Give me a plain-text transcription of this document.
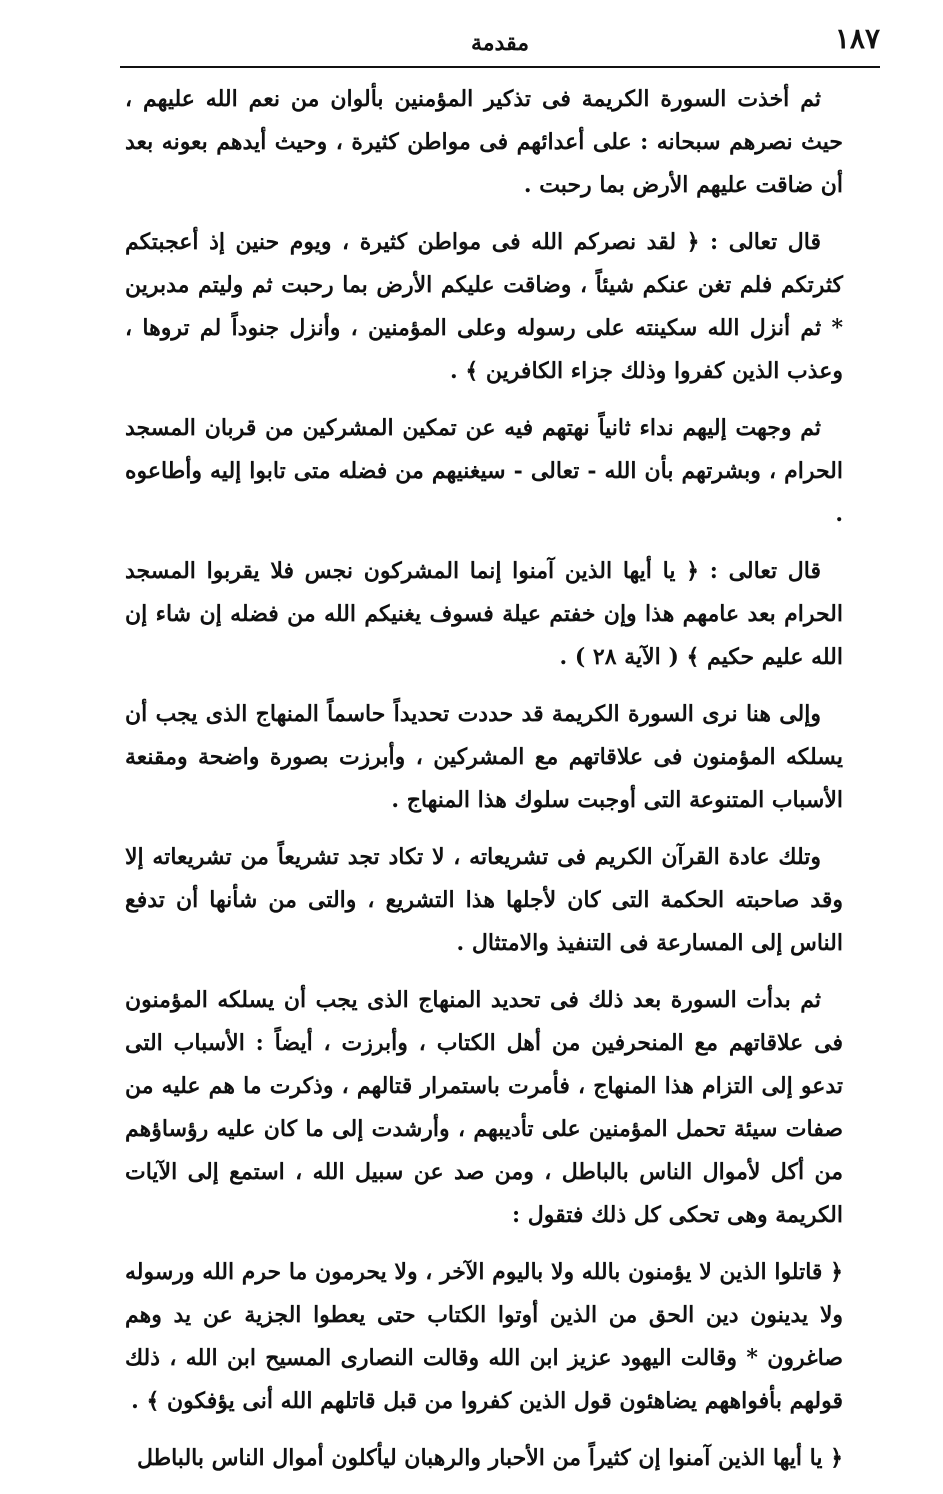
١٨٧
مقدمة

ثم أخذت السورة الكريمة فى تذكير المؤمنين بألوان من نعم الله عليهم ، حيث نصرهم سبحانه : على أعدائهم فى مواطن كثيرة ، وحيث أيدهم بعونه بعد أن ضاقت عليهم الأرض بما رحبت .

قال تعالى : ﴿ لقد نصركم الله فى مواطن كثيرة ، ويوم حنين إذ أعجبتكم كثرتكم فلم تغن عنكم شيئاً ، وضاقت عليكم الأرض بما رحبت ثم وليتم مدبرين * ثم أنزل الله سكينته على رسوله وعلى المؤمنين ، وأنزل جنوداً لم تروها ، وعذب الذين كفروا وذلك جزاء الكافرين ﴾ .

ثم وجهت إليهم نداء ثانياً نهتهم فيه عن تمكين المشركين من قربان المسجد الحرام ، وبشرتهم بأن الله - تعالى - سيغنيهم من فضله متى تابوا إليه وأطاعوه .

قال تعالى : ﴿ يا أيها الذين آمنوا إنما المشركون نجس فلا يقربوا المسجد الحرام بعد عامهم هذا وإن خفتم عيلة فسوف يغنيكم الله من فضله إن شاء إن الله عليم حكيم ﴾ ( الآية ٢٨ ) .

وإلى هنا نرى السورة الكريمة قد حددت تحديداً حاسماً المنهاج الذى يجب أن يسلكه المؤمنون فى علاقاتهم مع المشركين ، وأبرزت بصورة واضحة ومقنعة الأسباب المتنوعة التى أوجبت سلوك هذا المنهاج .

وتلك عادة القرآن الكريم فى تشريعاته ، لا تكاد تجد تشريعاً من تشريعاته إلا وقد صاحبته الحكمة التى كان لأجلها هذا التشريع ، والتى من شأنها أن تدفع الناس إلى المسارعة فى التنفيذ والامتثال .

ثم بدأت السورة بعد ذلك فى تحديد المنهاج الذى يجب أن يسلكه المؤمنون فى علاقاتهم مع المنحرفين من أهل الكتاب ، وأبرزت ، أيضاً : الأسباب التى تدعو إلى التزام هذا المنهاج ، فأمرت باستمرار قتالهم ، وذكرت ما هم عليه من صفات سيئة تحمل المؤمنين على تأديبهم ، وأرشدت إلى ما كان عليه رؤساؤهم من أكل لأموال الناس بالباطل ، ومن صد عن سبيل الله ، استمع إلى الآيات الكريمة وهى تحكى كل ذلك فتقول :

﴿ قاتلوا الذين لا يؤمنون بالله ولا باليوم الآخر ، ولا يحرمون ما حرم الله ورسوله ولا يدينون دين الحق من الذين أوتوا الكتاب حتى يعطوا الجزية عن يد وهم صاغرون * وقالت اليهود عزيز ابن الله وقالت النصارى المسيح ابن الله ، ذلك قولهم بأفواههم يضاهئون قول الذين كفروا من قبل قاتلهم الله أنى يؤفكون ﴾ .

﴿ يا أيها الذين آمنوا إن كثيراً من الأحبار والرهبان ليأكلون أموال الناس بالباطل
